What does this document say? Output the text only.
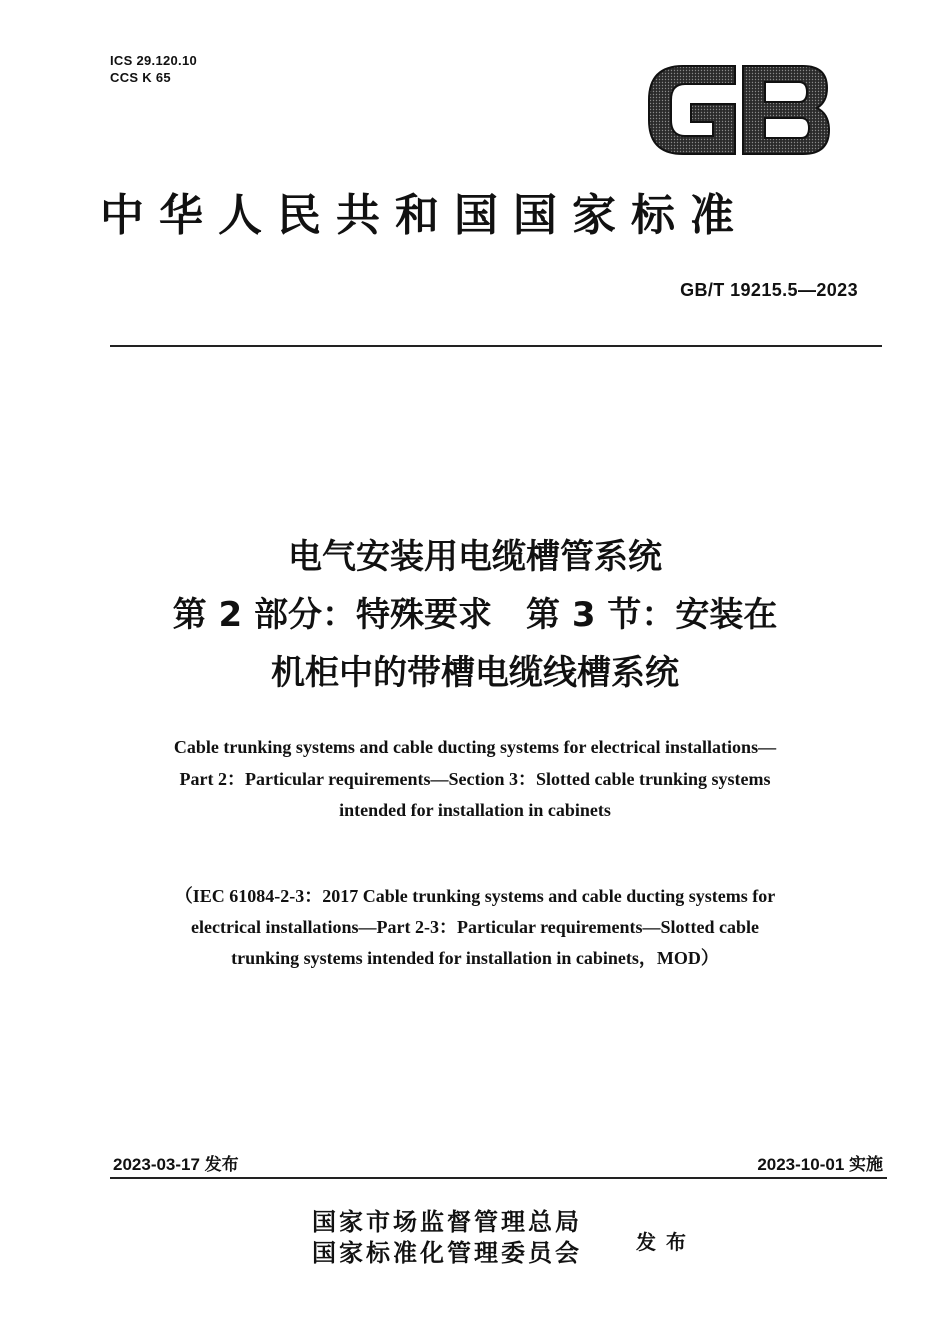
ICS 29.120.10
CCS K 65
中华人民共和国国家标准
GB/T 19215.5—2023
电气安装用电缆槽管系统
第 2 部分：特殊要求　第 3 节：安装在
机柜中的带槽电缆线槽系统
Cable trunking systems and cable ducting systems for electrical installations—
Part 2：Particular requirements—Section 3：Slotted cable trunking systems
intended for installation in cabinets
（IEC 61084-2-3：2017 Cable trunking systems and cable ducting systems for
electrical installations—Part 2-3：Particular requirements—Slotted cable
trunking systems intended for installation in cabinets，MOD）
2023-03-17 发布	2023-10-01 实施
国家市场监督管理总局
国家标准化管理委员会	发布
